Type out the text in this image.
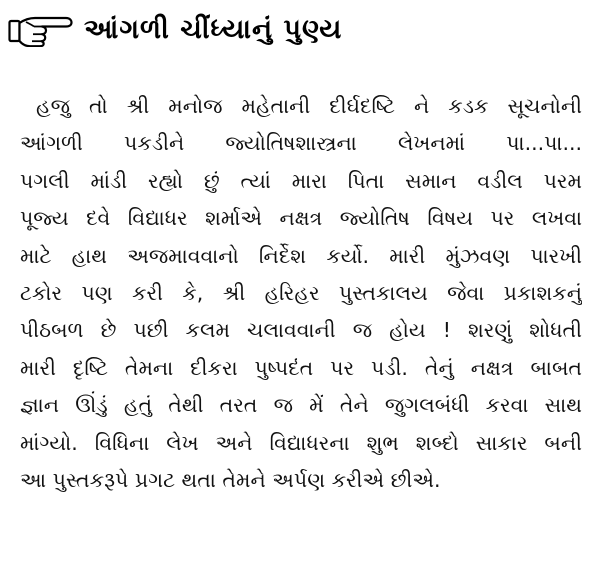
આંગળી ચીંધ્યાનું પુણ્ય
હજુ તો શ્રી મનોજ મહેતાની દીર્ઘદષ્ટિ ને કડક સૂચનોની
આંગળી પકડીને જ્યોતિષશાસ્ત્રના લેખનમાં પા...પા...
પગલી માંડી રહ્યો છું ત્યાં મારા પિતા સમાન વડીલ પરમ
પૂજ્ય દવે વિદ્યાધર શર્માએ નક્ષત્ર જ્યોતિષ વિષય પર લખવા
માટે હાથ અજમાવવાનો નિર્દેશ કર્યો. મારી મુંઝવણ પારખી
ટકોર પણ કરી કે, શ્રી હરિહર પુસ્તકાલય જેવા પ્રકાશકનું
પીઠબળ છે પછી કલમ ચલાવવાની જ હોય ! શરણું શોધતી
મારી દૃષ્ટિ તેમના દીકરા પુષ્પદંત પર પડી. તેનું નક્ષત્ર બાબત
જ્ઞાન ઊંડું હતું તેથી તરત જ મેં તેને જુગલબંધી કરવા સાથ
માંગ્યો. વિધિના લેખ અને વિદ્યાધરના શુભ શબ્દો સાકાર બની
આ પુસ્તકરૂપે પ્રગટ થતા તેમને અર્પણ કરીએ છીએ.
